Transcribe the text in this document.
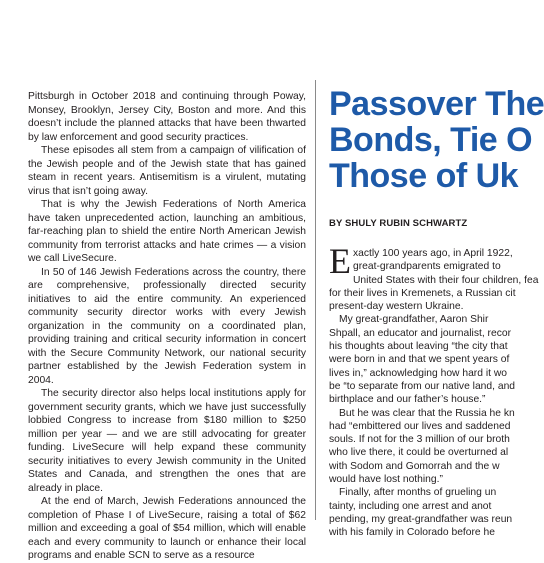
Pittsburgh in October 2018 and continuing through Poway, Monsey, Brooklyn, Jersey City, Boston and more. And this doesn’t include the planned attacks that have been thwarted by law enforcement and good security practices.

These episodes all stem from a campaign of vilification of the Jewish people and of the Jewish state that has gained steam in recent years. Antisemitism is a virulent, mutating virus that isn’t going away.

That is why the Jewish Federations of North America have taken unprecedented action, launching an ambitious, far-reaching plan to shield the entire North American Jewish community from terrorist attacks and hate crimes — a vision we call LiveSecure.

In 50 of 146 Jewish Federations across the country, there are comprehensive, professionally directed security initiatives to aid the entire community. An experienced community security director works with every Jewish organization in the community on a coordinated plan, providing training and critical security information in concert with the Secure Community Network, our national security partner established by the Jewish Federation system in 2004.

The security director also helps local institutions apply for government security grants, which we have just successfully lobbied Congress to increase from $180 million to $250 million per year — and we are still advocating for greater funding. LiveSecure will help expand these community security initiatives to every Jewish community in the United States and Canada, and strengthen the ones that are already in place.

At the end of March, Jewish Federations announced the completion of Phase I of LiveSecure, raising a total of $62 million and exceeding a goal of $54 million, which will enable each and every community to launch or enhance their local programs and enable SCN to serve as a resource

Passover The
Bonds, Tie O
Those of Uk
BY SHULY RUBIN SCHWARTZ
E xactly 100 years ago, in April 1922,
great-grandparents emigrated to
United States with their four children, fea
for their lives in Kremenets, a Russian cit
present-day western Ukraine.
My great-grandfather, Aaron Shir
Shpall, an educator and journalist, recor
his thoughts about leaving “the city that
were born in and that we spent years of
lives in,” acknowledging how hard it wo
be “to separate from our native land, and
birthplace and our father’s house.”
But he was clear that the Russia he kn
had “embittered our lives and saddened
souls. If not for the 3 million of our broth
who live there, it could be overturned al
with Sodom and Gomorrah and the w
would have lost nothing.”
Finally, after months of grueling un
tainty, including one arrest and anot
pending, my great-grandfather was reun
with his family in Colorado before he
